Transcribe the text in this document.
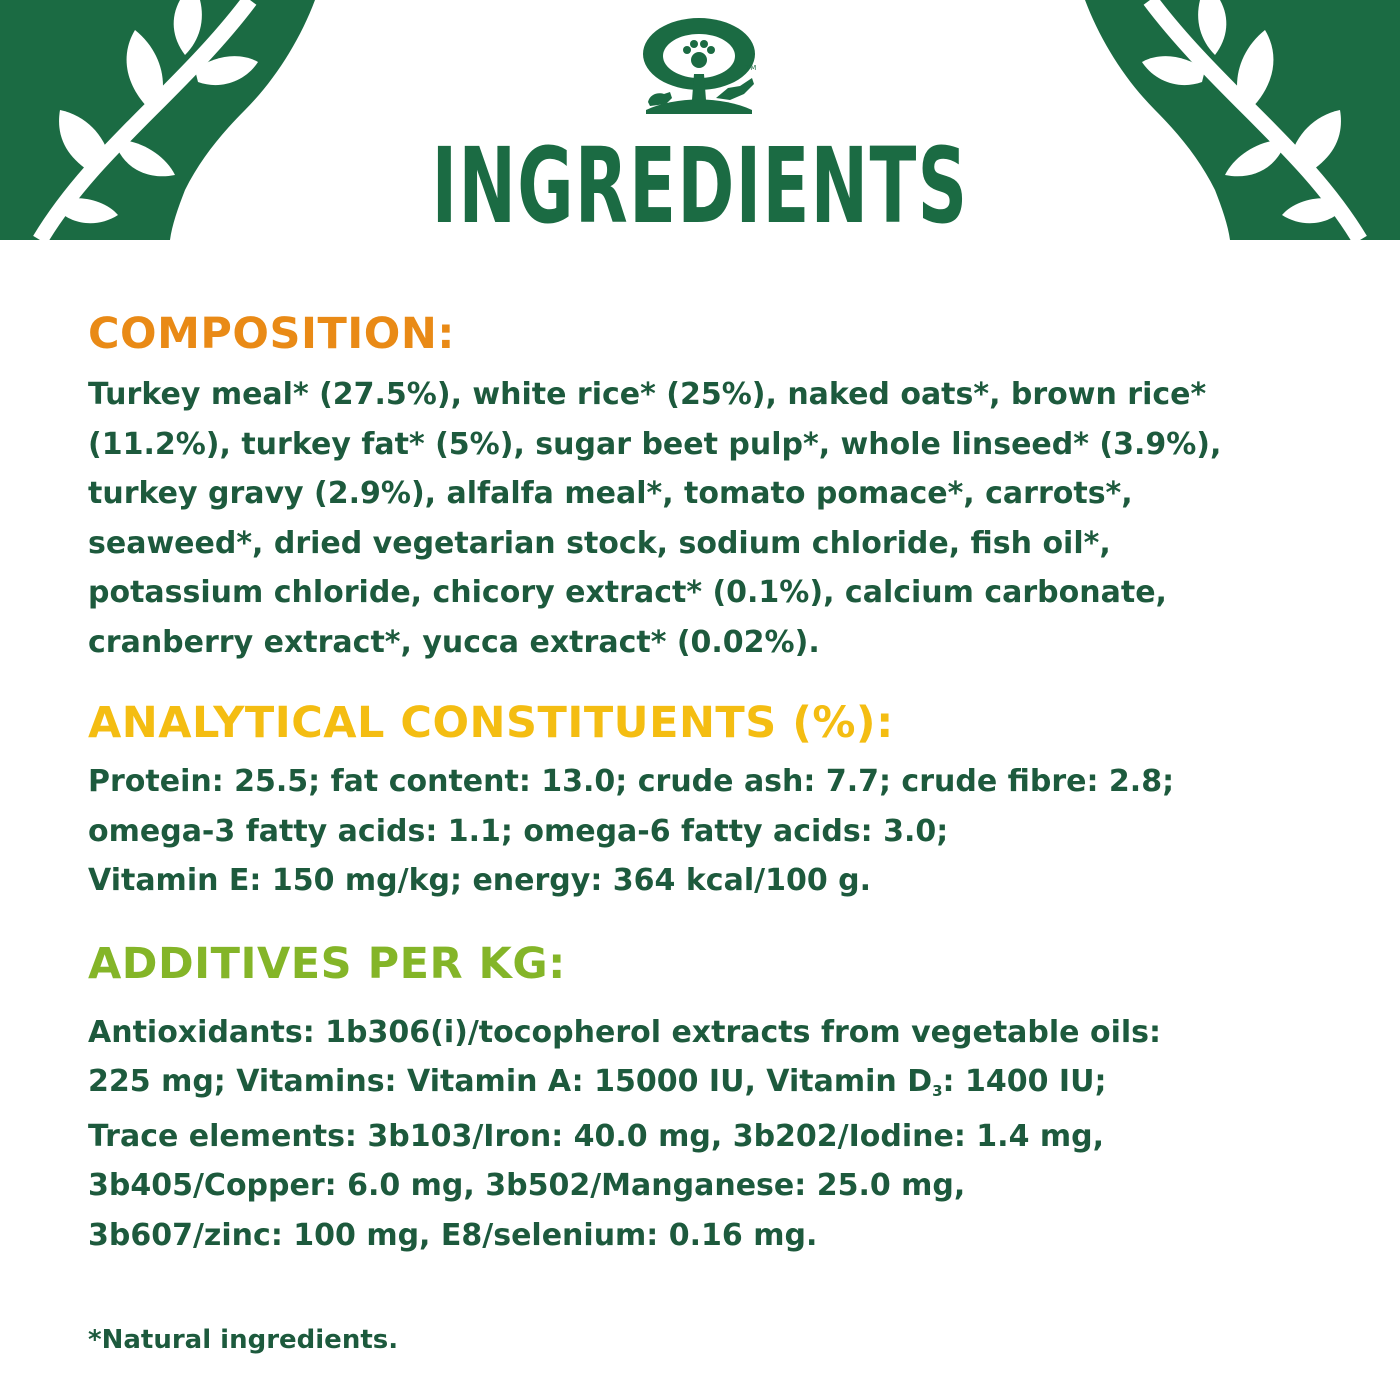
TM
INGREDIENTS
COMPOSITION:
Turkey meal* (27.5%), white rice* (25%), naked oats*, brown rice*
(11.2%), turkey fat* (5%), sugar beet pulp*, whole linseed* (3.9%),
turkey gravy (2.9%), alfalfa meal*, tomato pomace*, carrots*,
seaweed*, dried vegetarian stock, sodium chloride, fish oil*,
potassium chloride, chicory extract* (0.1%), calcium carbonate,
cranberry extract*, yucca extract* (0.02%).
ANALYTICAL CONSTITUENTS (%):
Protein: 25.5; fat content: 13.0; crude ash: 7.7; crude fibre: 2.8;
omega-3 fatty acids: 1.1; omega-6 fatty acids: 3.0;
Vitamin E: 150 mg/kg; energy: 364 kcal/100 g.
ADDITIVES PER KG:
Antioxidants: 1b306(i)/tocopherol extracts from vegetable oils:
225 mg; Vitamins: Vitamin A: 15000 IU, Vitamin $D_3$: 1400 IU;
Trace elements: 3b103/Iron: 40.0 mg, 3b202/Iodine: 1.4 mg,
3b405/Copper: 6.0 mg, 3b502/Manganese: 25.0 mg,
3b607/zinc: 100 mg, E8/selenium: 0.16 mg.
*Natural ingredients.
